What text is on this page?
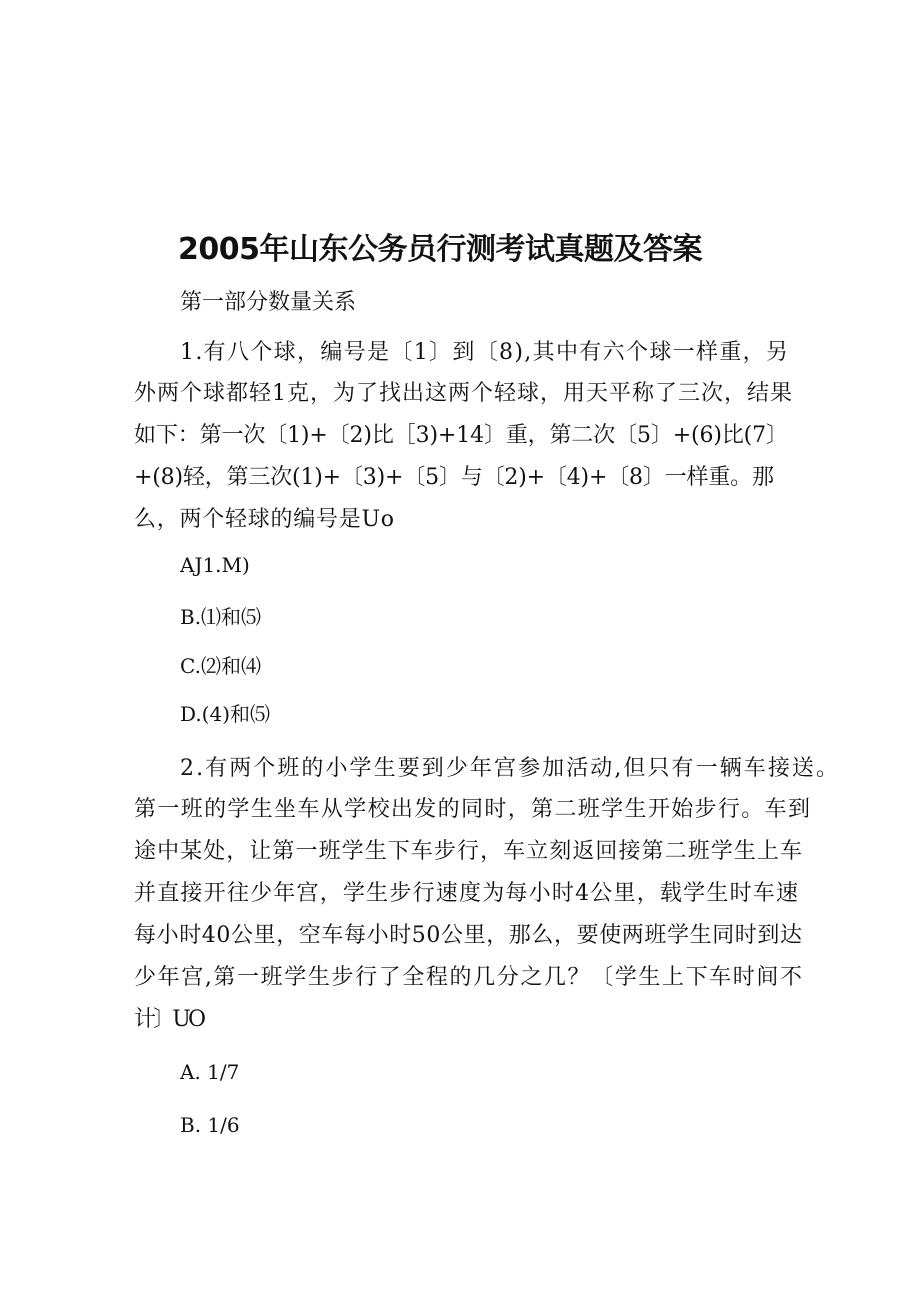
2005年山东公务员行测考试真题及答案
第一部分数量关系
1.有八个球，编号是〔1〕到〔8),其中有六个球一样重，另
外两个球都轻1克，为了找出这两个轻球，用天平称了三次，结果
如下：第一次〔1)+〔2)比［3)+14〕重，第二次〔5〕+(6)比(7〕
+(8)轻，第三次(1)+〔3)+〔5〕与〔2)+〔4)+〔8〕一样重。那
么，两个轻球的编号是Uo
AJ1.M)
B.⑴和⑸
C.⑵和⑷
D.(4)和⑸
2.有两个班的小学生要到少年宫参加活动,但只有一辆车接送。
第一班的学生坐车从学校出发的同时，第二班学生开始步行。车到
途中某处，让第一班学生下车步行，车立刻返回接第二班学生上车
并直接开往少年宫，学生步行速度为每小时4公里，载学生时车速
每小时40公里，空车每小时50公里，那么，要使两班学生同时到达
少年宫,第一班学生步行了全程的几分之几？〔学生上下车时间不
计〕UO
A. 1/7
B. 1/6
